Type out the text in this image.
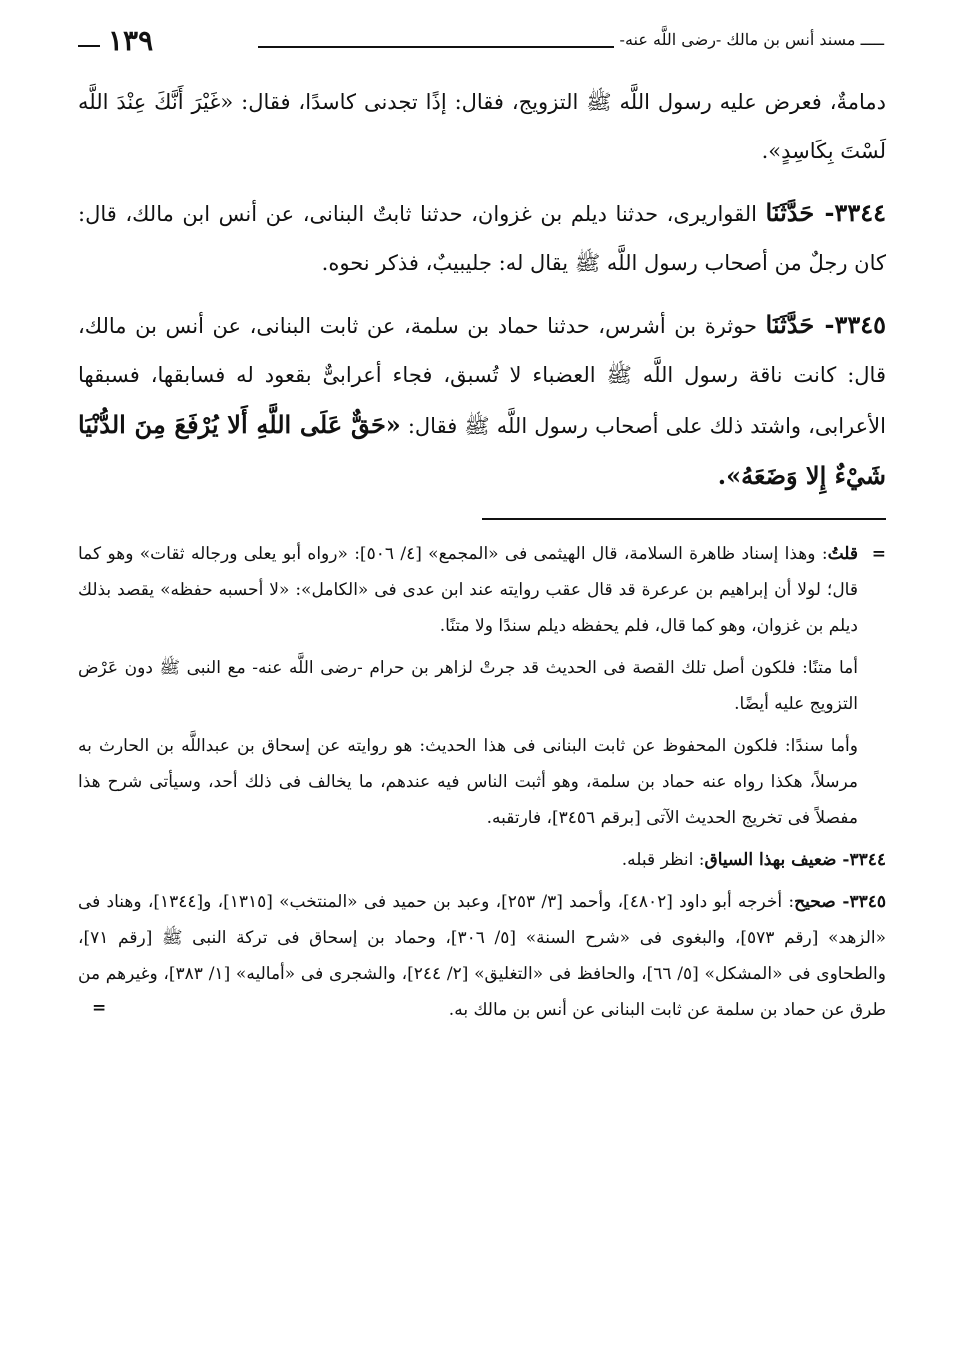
ـــــ مسند أنس بن مالك -رضى اللَّه عنه-
١٣٩

دمامةٌ، فعرض عليه رسول اللَّه ﷺ التزويج، فقال: إذًا تجدنى كاسدًا، فقال: «غَيْرَ أَنَّكَ عِنْدَ اللَّه لَسْتَ بِكَاسِدٍ».

٣٣٤٤- حَدَّثَنَا القواريرى، حدثنا ديلم بن غزوان، حدثنا ثابتٌ البنانى، عن أنس ابن مالك، قال: كان رجلٌ من أصحاب رسول اللَّه ﷺ يقال له: جليبيبٌ، فذكر نحوه.

٣٣٤٥- حَدَّثَنَا حوثرة بن أشرس، حدثنا حماد بن سلمة، عن ثابت البنانى، عن أنس بن مالك، قال: كانت ناقة رسول اللَّه ﷺ العضباء لا تُسبق، فجاء أعرابىٌّ بقعود له فسابقها، فسبقها الأعرابى، واشتد ذلك على أصحاب رسول اللَّه ﷺ فقال: «حَقٌّ عَلَى اللَّهِ أَلا يُرْفَعَ مِنَ الدُّنْيَا شَيْءٌ إِلا وَضَعَهُ».

=
قلتُ: وهذا إسناد ظاهرة السلامة، قال الهيثمى فى «المجمع» [٤/ ٥٠٦]: «رواه أبو يعلى ورجاله ثقات» وهو كما قال؛ لولا أن إبراهيم بن عرعرة قد قال عقب روايته عند ابن عدى فى «الكامل»: «لا أحسبه حفظه» يقصد بذلك ديلم بن غزوان، وهو كما قال، فلم يحفظه ديلم سندًا ولا متنًا.

أما متنًا: فلكون أصل تلك القصة فى الحديث قد جرتْ لزاهر بن حرام -رضى اللَّه عنه- مع النبى ﷺ دون عَرْض التزويج عليه أيضًا.

وأما سندًا: فلكون المحفوظ عن ثابت البنانى فى هذا الحديث: هو روايته عن إسحاق بن عبداللَّه بن الحارث به مرسلاً، هكذا رواه عنه حماد بن سلمة، وهو أثبت الناس فيه عندهم، ما يخالف فى ذلك أحد، وسيأتى شرح هذا مفصلاً فى تخريج الحديث الآتى [برقم ٣٤٥٦]، فارتقبه.

٣٣٤٤- ضعيف بهذا السياق: انظر قبله.

٣٣٤٥- صحيح: أخرجه أبو داود [٤٨٠٢]، وأحمد [٣/ ٢٥٣]، وعبد بن حميد فى «المنتخب» [١٣١٥]، و[١٣٤٤]، وهناد فى «الزهد» [رقم ٥٧٣]، والبغوى فى «شرح السنة» [٥/ ٣٠٦]، وحماد بن إسحاق فى تركة النبى ﷺ [رقم ٧١]، والطحاوى فى «المشكل» [٥/ ٦٦]، والحافظ فى «التغليق» [٢/ ٢٤٤]، والشجرى فى «أماليه» [١/ ٣٨٣]، وغيرهم من طرق عن حماد بن سلمة عن ثابت البنانى عن أنس بن مالك به.
=
